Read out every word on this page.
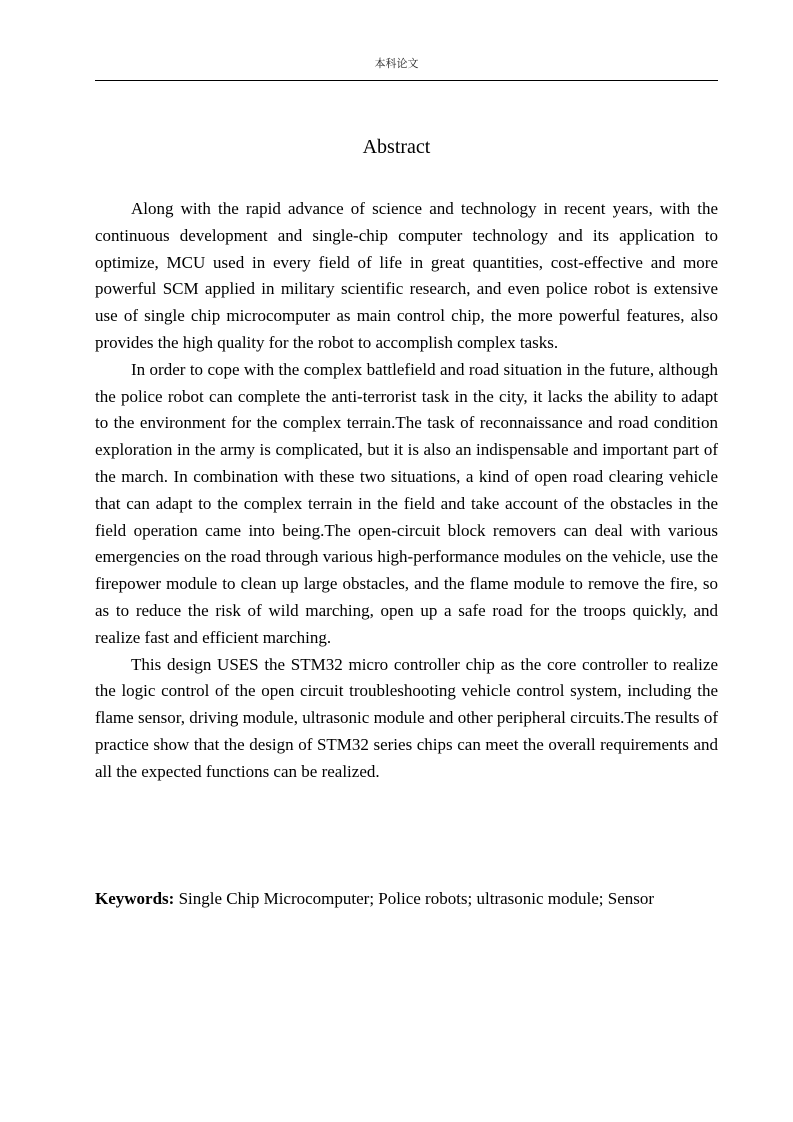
本科论文
Abstract

Along with the rapid advance of science and technology in recent years, with the continuous development and single-chip computer technology and its application to optimize, MCU used in every field of life in great quantities, cost-effective and more powerful SCM applied in military scientific research, and even police robot is extensive use of single chip microcomputer as main control chip, the more powerful features, also provides the high quality for the robot to accomplish complex tasks.

In order to cope with the complex battlefield and road situation in the future, although the police robot can complete the anti-terrorist task in the city, it lacks the ability to adapt to the environment for the complex terrain.The task of reconnaissance and road condition exploration in the army is complicated, but it is also an indispensable and important part of the march. In combination with these two situations, a kind of open road clearing vehicle that can adapt to the complex terrain in the field and take account of the obstacles in the field operation came into being.The open-circuit block removers can deal with various emergencies on the road through various high-performance modules on the vehicle, use the firepower module to clean up large obstacles, and the flame module to remove the fire, so as to reduce the risk of wild marching, open up a safe road for the troops quickly, and realize fast and efficient marching.

This design USES the STM32 micro controller chip as the core controller to realize the logic control of the open circuit troubleshooting vehicle control system, including the flame sensor, driving module, ultrasonic module and other peripheral circuits.The results of practice show that the design of STM32 series chips can meet the overall requirements and all the expected functions can be realized.

Keywords: Single Chip Microcomputer; Police robots; ultrasonic module; Sensor
